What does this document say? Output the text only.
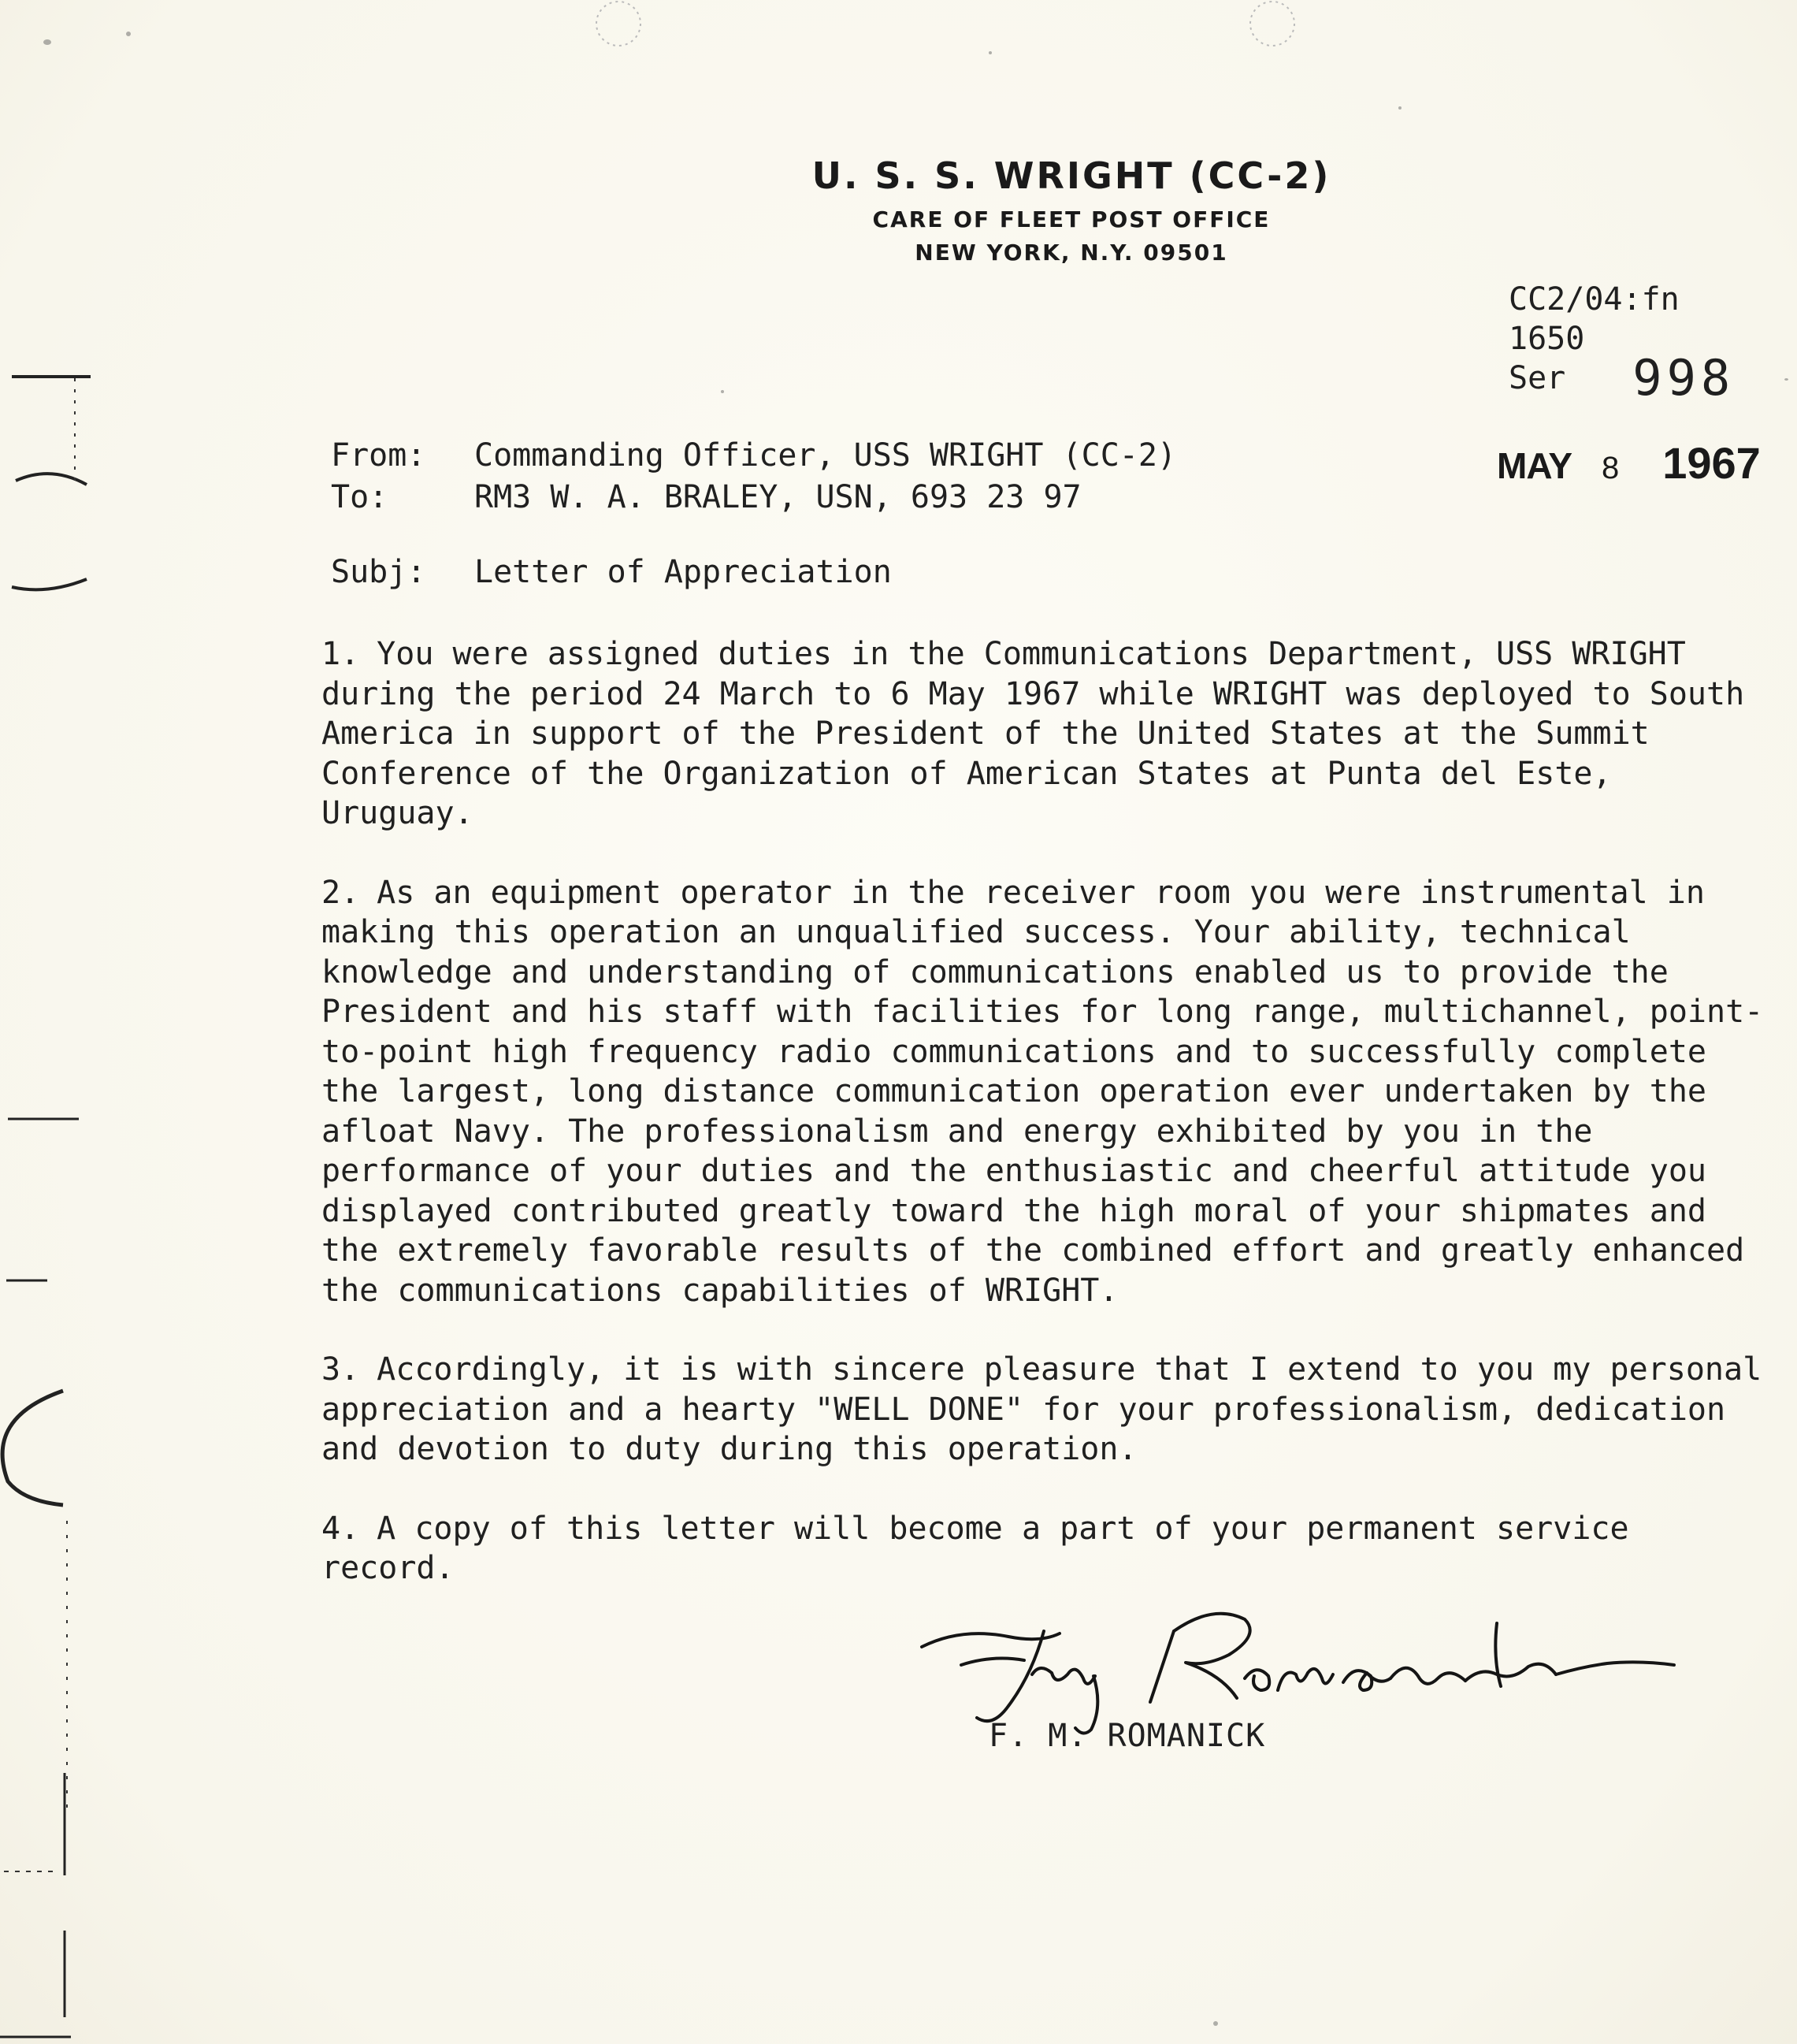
U. S. S. WRIGHT (CC-2)
CARE OF FLEET POST OFFICE
NEW YORK, N.Y. 09501
CC2/04:fn
1650
Ser 998
MAY 8 1967
From:	Commanding Officer, USS WRIGHT (CC-2)
To:	RM3 W. A. BRALEY, USN, 693 23 97
Subj:	Letter of Appreciation

1. You were assigned duties in the Communications Department, USS WRIGHT during the period 24 March to 6 May 1967 while WRIGHT was deployed to South America in support of the President of the United States at the Summit Conference of the Organization of American States at Punta del Este, Uruguay.

2. As an equipment operator in the receiver room you were instrumental in making this operation an unqualified success. Your ability, technical knowledge and understanding of communications enabled us to provide the President and his staff with facilities for long range, multichannel, point-to-point high frequency radio communications and to successfully complete the largest, long distance communication operation ever undertaken by the afloat Navy. The professionalism and energy exhibited by you in the performance of your duties and the enthusiastic and cheerful attitude you displayed contributed greatly toward the high moral of your shipmates and the extremely favorable results of the combined effort and greatly enhanced the communications capabilities of WRIGHT.

3. Accordingly, it is with sincere pleasure that I extend to you my personal appreciation and a hearty "WELL DONE" for your professionalism, dedication and devotion to duty during this operation.

4. A copy of this letter will become a part of your permanent service record.

F. M. ROMANICK
